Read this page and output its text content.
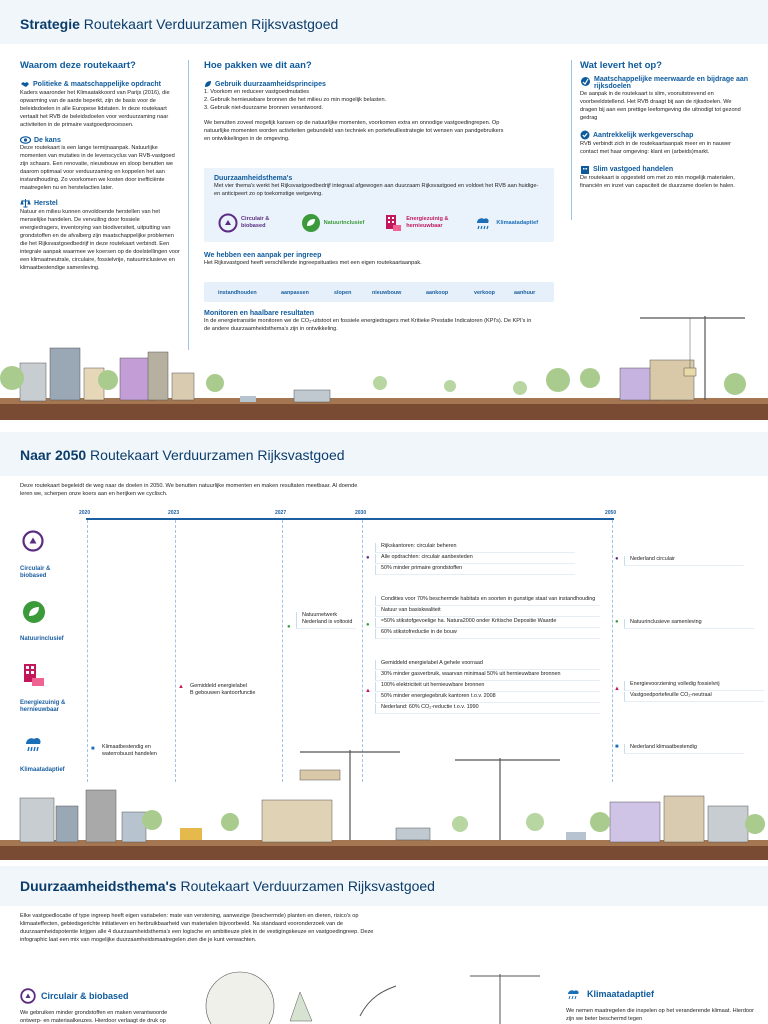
Strategie Routekaart Verduurzamen Rijksvastgoed
Waarom deze routekaart?
Politieke & maatschappelijke opdracht
Kaders waaronder het Klimaatakkoord van Parijs (2016), die opwarming van de aarde beperkt, zijn de basis voor de beleidsdoelen in alle Europese lidstaten. In deze routekaart vertaalt het RVB de beleidsdoelen voor verduurzaming naar activiteiten in de primaire vastgoedprocessen.
De kans
Deze routekaart is een lange termijnaanpak. Natuurlijke momenten van mutaties in de levenscyclus van RVB-vastgoed zijn schaars. Een renovatie, nieuwbouw en sloop benutten we daarom optimaal voor verduurzaming en koppelen het aan instandhouding. Zo voorkomen we kosten door inefficiënte maatregelen nu en herstelacties later.
Herstel
Natuur en milieu kunnen onvoldoende herstellen van het menselijke handelen. De vervuiling door fossiele energiedragers, inventorying van biodiversiteit, uitputting van grondstoffen en de afvalberg zijn maatschappelijke problemen die het Rijksvastgoedbedrijf in deze routekaart verbindt. Een integrale aanpak waarmee we koersen op de doelstellingen voor een klimaatneutrale, circulaire, fossielvrije, natuurinclusieve en klimaatbestendige samenleving.
Hoe pakken we dit aan?
Gebruik duurzaamheidsprincipes
1. Voorkom en reduceer vastgoedmutaties
2. Gebruik hernieuwbare bronnen die het milieu zo min mogelijk belasten.
3. Gebruik niet-duurzame bronnen verantwoord.
We benutten zoveel mogelijk kansen op de natuurlijke momenten, voorkomen extra en onnodige vastgoedingrepen. Op natuurlijke momenten worden activiteiten gebundeld van techniek en portefeuillestrategie tot wensen van pandgebruikers en ontwikkelingen in de omgeving.
Duurzaamheidsthema's
Met vier thema's werkt het Rijksvastgoedbedrijf integraal afgewogen aan duurzaam Rijksvastgoed en voldoet het RVB aan huidige- en anticipeert zo op toekomstige wetgeving.
Circulair & biobased	Natuurinclusief
Energiezuinig & hernieuwbaar	Klimaatadaptief
We hebben een aanpak per ingreep
Het Rijksvastgoed heeft verschillende ingreepsituaties met een eigen routekaartaanpak.
instandhouden	aanpassen	slopen	nieuwbouw	aankoop	verkoop	aanhuur
Monitoren en haalbare resultaten
In de energietransitie monitoren we de CO₂-uitstoot en fossiele energiedragers met Kritieke Prestatie Indicatoren (KPI's). De KPI's in de andere duurzaamheidsthema's zijn in ontwikkeling.
Wat levert het op?
Maatschappelijke meerwaarde en bijdrage aan rijksdoelen
De aanpak in de routekaart is slim, vooruitstrevend en voorbeeldstellend. Het RVB draagt bij aan de rijksdoelen. We dragen bij aan een prettige leefomgeving die uitnodigt tot gezond gedrag
Aantrekkelijk werkgeverschap
RVB verbindt zich in de routekaartaanpak meer en in nauwer contact met haar omgeving: klant en (arbeids)markt.
Slim vastgoed handelen
De routekaart is opgesteld om met zo min mogelijk materialen, financiën en inzet van capaciteit de duurzame doelen te halen.
Naar 2050 Routekaart Verduurzamen Rijksvastgoed
Deze routekaart begeleidt de weg naar de doelen in 2050. We benutten natuurlijke momenten en maken resultaten meetbaar. Al doende leren we, scherpen onze koers aan en herijken we cyclisch.
2020	2023	2027	2030	2050
Circulair & biobased
Rijkskantoren: circulair beheren
Alle opdrachten: circulair aanbesteden
50% minder primaire grondstoffen
●	Nederland circulair
●
Natuurinclusief
Natuurnetwerk Nederland is voltooid
●
Condities voor 70% beschermde habitats en soorten in gunstige staat van instandhouding
Natuur van basiskwaliteit
≈50% stikstofgevoelige ha. Natura2000 onder Kritische Depositie Waarde
60% stikstofreductie in de bouw
●	Natuurinclusieve samenleving
●
Energiezuinig & hernieuwbaar
Gemiddeld energielabel
B gebouwen kantoorfunctie
▲
Gemiddeld energielabel A gehele voorraad
30% minder gasverbruik, waarvan minimaal 50% uit hernieuwbare bronnen
100% elektriciteit uit hernieuwbare bronnen
50% minder energiegebruik kantoren t.o.v. 2008
Nederland: 60% CO₂-reductie t.o.v. 1990
▲
Energievoorziening volledig fossielvrij
Vastgoedportefeuille CO₂-neutraal
▲
Klimaatadaptief
Klimaatbestendig en
waterrobuust handelen
■	Nederland klimaatbestendig
■
Duurzaamheidsthema's Routekaart Verduurzamen Rijksvastgoed
Elke vastgoedlocatie of type ingreep heeft eigen variabelen: mate van verstening, aanwezige (beschermde) planten en dieren, risico's op klimaateffecten, gebiedsgerichte initiatieven en herbruikbaarheid van materialen bijvoorbeeld. Na standaard vooronderzoek van de duurzaamheidspotentie krijgen alle 4 duurzaamheidsthema's een logische en ambitieuze plek in de vestigingskeuze en vastgoedingreep. Deze infographic laat een mix van mogelijke duurzaamheidsmaatregelen zien die je kunt verwachten.
Circulair & biobased
We gebruiken minder grondstoffen en maken verantwoorde ontwerp- en materiaalkeuzes. Hierdoor verlaagt de druk op
Klimaatadaptief
We nemen maatregelen die inspelen op het veranderende klimaat. Hierdoor zijn we beter beschermd tegen
